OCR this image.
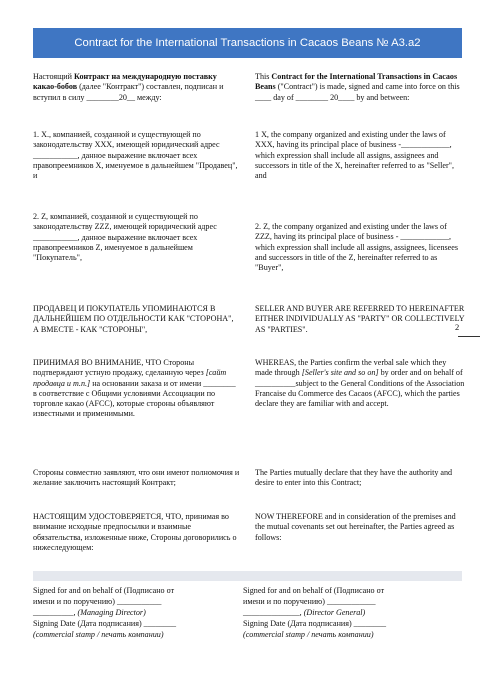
Contract for the International Transactions in Cacaos Beans № A3.a2

Настоящий Контракт на международную поставку какао-бобов (далее "Контракт") составлен, подписан и вступил в силу ________20__ между:

1. X., компанией, созданной и существующей по законодательству XXX, имеющей юридический адрес ___________, данное выражение включает всех правопреемников X, именуемое в дальнейшем "Продавец", и

2. Z, компанией, созданной и существующей по законодательству ZZZ, имеющей юридический адрес ___________, данное выражение включает всех правопреемников Z, именуемое в дальнейшем "Покупатель",

ПРОДАВЕЦ И ПОКУПАТЕЛЬ УПОМИНАЮТСЯ В ДАЛЬНЕЙШЕМ ПО ОТДЕЛЬНОСТИ КАК "СТОРОНА", А ВМЕСТЕ - КАК "СТОРОНЫ",

ПРИНИМАЯ ВО ВНИМАНИЕ, ЧТО Стороны подтверждают устную продажу, сделанную через [сайт продавца и т.п.] на основании заказа и от имени ________ в соответствие с Общими условиями Ассоциации по торговле какао (AFCC), которые стороны объявляют известными и применимыми.

Стороны совместно заявляют, что они имеют полномочия и желание заключить настоящий Контракт;

НАСТОЯЩИМ УДОСТОВЕРЯЕТСЯ, ЧТО, принимая во внимание исходные предпосылки и взаимные обязательства, изложенные ниже, Стороны договорились о нижеследующем:

This Contract for the International Transactions in Cacaos Beans ("Contract") is made, signed and came into force on this ____ day of ________ 20____ by and between:

1 X, the company organized and existing under the laws of XXX, having its principal place of business -____________, which expression shall include all assigns, assignees and successors in title of the X, hereinafter referred to as "Seller", and

2. Z, the company organized and existing under the laws of ZZZ, having its principal place of business - ____________, which expression shall include all assigns, assignees, licensees and successors in title of the Z, hereinafter referred to as "Buyer",

SELLER AND BUYER ARE REFERRED TO HEREINAFTER EITHER INDIVIDUALLY AS "PARTY" OR COLLECTIVELY AS "PARTIES".

WHEREAS, the Parties confirm the verbal sale which they made through [Seller's site and so on] by order and on behalf of __________subject to the General Conditions of the Association Francaise du Commerce des Cacaos (AFCC), which the parties declare they are familiar with and accept.

The Parties mutually declare that they have the authority and desire to enter into this Contract;

NOW THEREFORE and in consideration of the premises and the mutual covenants set out hereinafter, the Parties agreed as follows:

2

Signed for and on behalf of (Подписано от

имени и по поручению) ___________

__________, (Managing Director)

Signing Date (Дата подписания) ________

(commercial stamp / печать компании)

Signed for and on behalf of (Подписано от

имени и по поручению) ____________

______________, (Director General)

Signing Date (Дата подписания) ________

(commercial stamp / печать компании)
